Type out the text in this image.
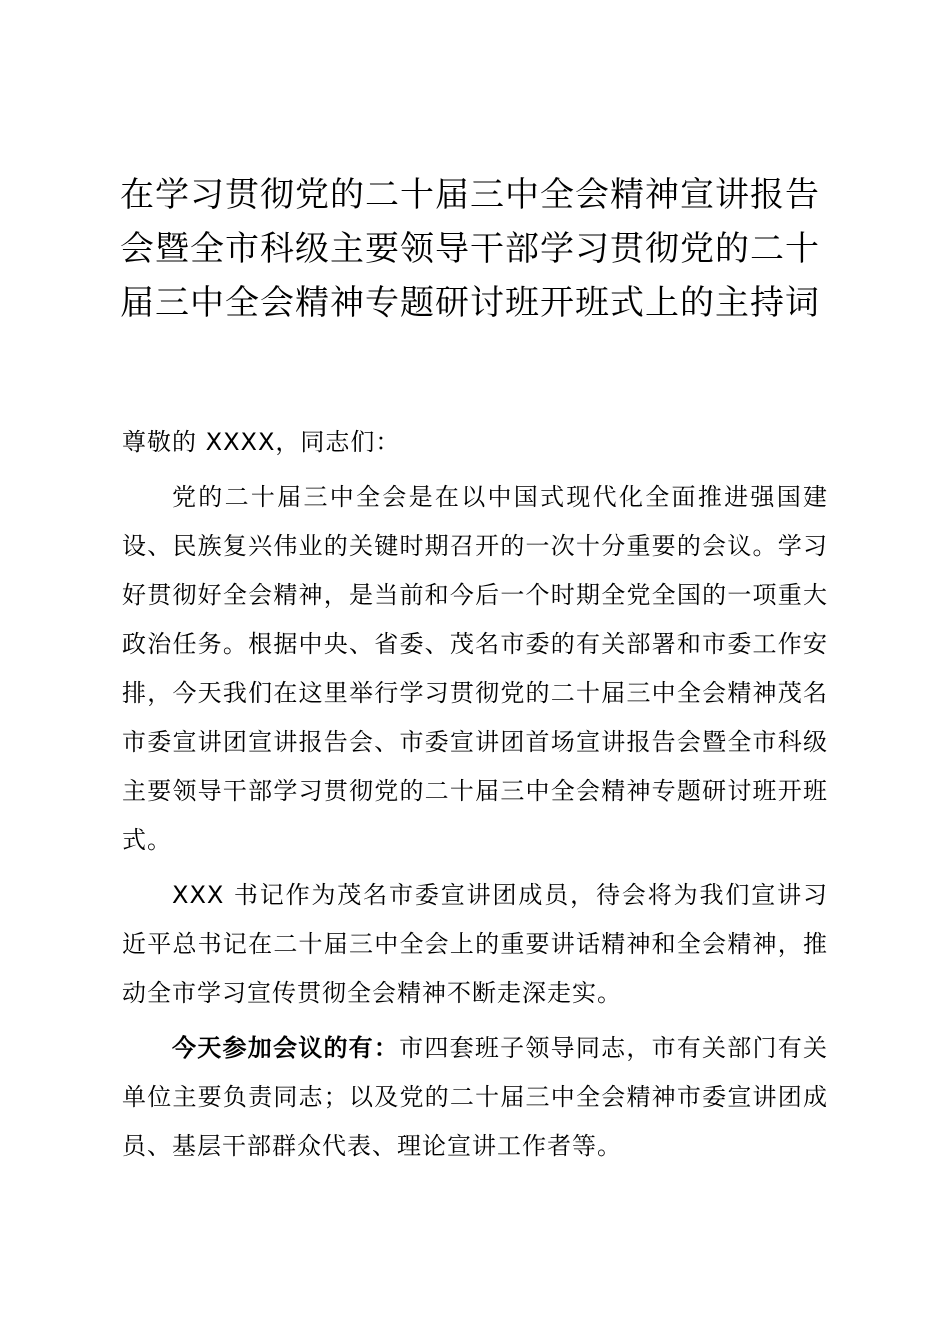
在学习贯彻党的二十届三中全会精神宣讲报告
会暨全市科级主要领导干部学习贯彻党的二十
届三中全会精神专题研讨班开班式上的主持词

尊敬的 XXXX，同志们：

党的二十届三中全会是在以中国式现代化全面推进强国建设、民族复兴伟业的关键时期召开的一次十分重要的会议。学习好贯彻好全会精神，是当前和今后一个时期全党全国的一项重大政治任务。根据中央、省委、茂名市委的有关部署和市委工作安排，今天我们在这里举行学习贯彻党的二十届三中全会精神茂名市委宣讲团宣讲报告会、市委宣讲团首场宣讲报告会暨全市科级主要领导干部学习贯彻党的二十届三中全会精神专题研讨班开班式。

XXX 书记作为茂名市委宣讲团成员，待会将为我们宣讲习近平总书记在二十届三中全会上的重要讲话精神和全会精神，推动全市学习宣传贯彻全会精神不断走深走实。

今天参加会议的有：市四套班子领导同志，市有关部门有关单位主要负责同志；以及党的二十届三中全会精神市委宣讲团成员、基层干部群众代表、理论宣讲工作者等。
